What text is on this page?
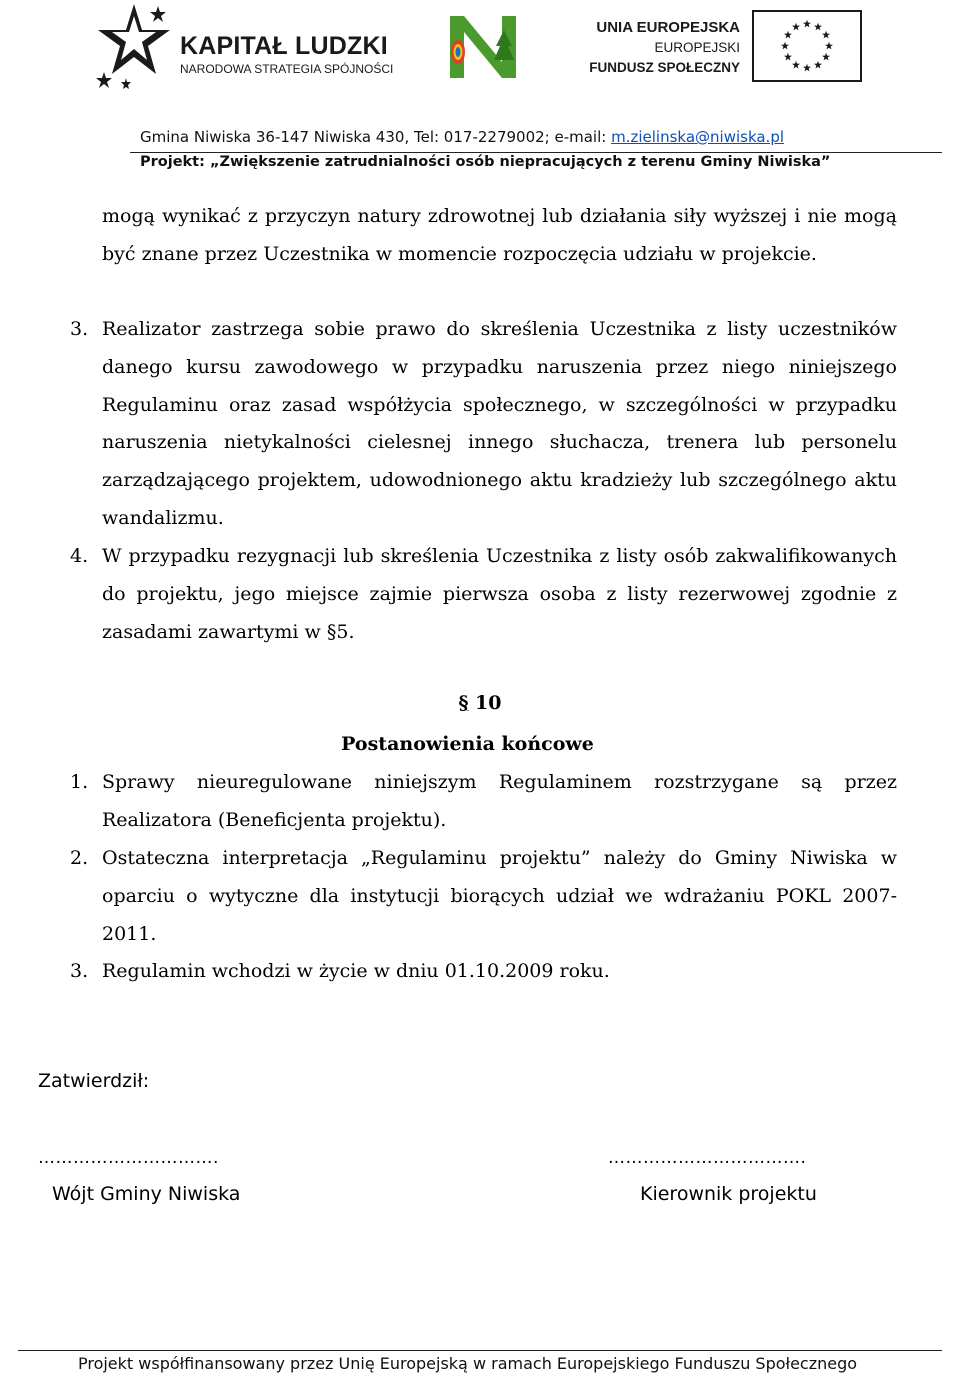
KAPITAŁ LUDZKI
NARODOWA STRATEGIA SPÓJNOŚCI
UNIA EUROPEJSKA
EUROPEJSKI
FUNDUSZ SPOŁECZNY
Gmina Niwiska 36-147 Niwiska 430, Tel: 017-2279002; e-mail: m.zielinska@niwiska.pl
Projekt: „Zwiększenie zatrudnialności osób niepracujących z terenu Gminy Niwiska”
mogą wynikać z przyczyn natury zdrowotnej lub działania siły wyższej i nie mogą być znane przez Uczestnika w momencie rozpoczęcia udziału w projekcie.
3. Realizator zastrzega sobie prawo do skreślenia Uczestnika z listy uczestników danego kursu zawodowego w przypadku naruszenia przez niego niniejszego Regulaminu oraz zasad współżycia społecznego, w szczególności w przypadku naruszenia nietykalności cielesnej innego słuchacza, trenera lub personelu zarządzającego projektem, udowodnionego aktu kradzieży lub szczególnego aktu wandalizmu.
4. W przypadku rezygnacji lub skreślenia Uczestnika z listy osób zakwalifikowanych do projektu, jego miejsce zajmie pierwsza osoba z listy rezerwowej zgodnie z zasadami zawartymi w §5.
§ 10
Postanowienia końcowe
1. Sprawy nieuregulowane niniejszym Regulaminem rozstrzygane są przez Realizatora (Beneficjenta projektu).
2. Ostateczna interpretacja „Regulaminu projektu” należy do Gminy Niwiska w oparciu o wytyczne dla instytucji biorących udział we wdrażaniu POKL 2007-2011.
3. Regulamin wchodzi w życie w dniu 01.10.2009 roku.
Zatwierdził:
………………………….	…………………………….
Wójt Gminy Niwiska	Kierownik projektu
Projekt współfinansowany przez Unię Europejską w ramach Europejskiego Funduszu Społecznego
